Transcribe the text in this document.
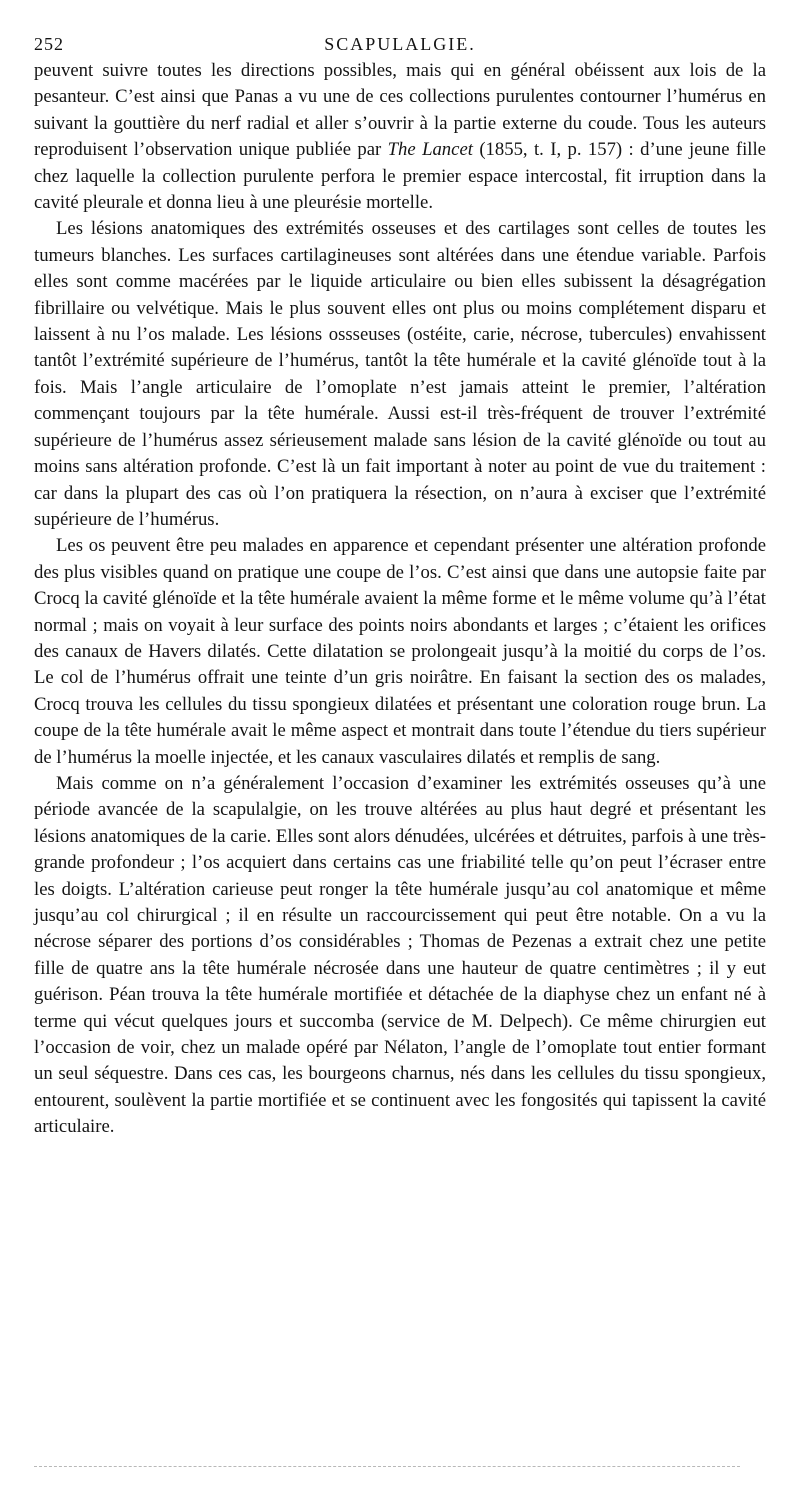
252	SCAPULALGIE.

peuvent suivre toutes les directions possibles, mais qui en général obéissent aux lois de la pesanteur. C’est ainsi que Panas a vu une de ces collections purulentes contourner l’humérus en suivant la gouttière du nerf radial et aller s’ouvrir à la partie externe du coude. Tous les auteurs reproduisent l’observation unique publiée par The Lancet (1855, t. I, p. 157) : d’une jeune fille chez laquelle la collection purulente perfora le premier espace intercostal, fit irruption dans la cavité pleurale et donna lieu à une pleurésie mortelle.

Les lésions anatomiques des extrémités osseuses et des cartilages sont celles de toutes les tumeurs blanches. Les surfaces cartilagineuses sont altérées dans une étendue variable. Parfois elles sont comme macérées par le liquide articulaire ou bien elles subissent la désagrégation fibrillaire ou velvétique. Mais le plus souvent elles ont plus ou moins complétement disparu et laissent à nu l’os malade. Les lésions ossseuses (ostéite, carie, nécrose, tubercules) envahissent tantôt l’extrémité supérieure de l’humérus, tantôt la tête humérale et la cavité glénoïde tout à la fois. Mais l’angle articulaire de l’omoplate n’est jamais atteint le premier, l’altération commençant toujours par la tête humérale. Aussi est-il très-fréquent de trouver l’extrémité supérieure de l’humérus assez sérieusement malade sans lésion de la cavité glénoïde ou tout au moins sans altération profonde. C’est là un fait important à noter au point de vue du traitement : car dans la plupart des cas où l’on pratiquera la résection, on n’aura à exciser que l’extrémité supérieure de l’humérus.

Les os peuvent être peu malades en apparence et cependant présenter une altération profonde des plus visibles quand on pratique une coupe de l’os. C’est ainsi que dans une autopsie faite par Crocq la cavité glénoïde et la tête humérale avaient la même forme et le même volume qu’à l’état normal ; mais on voyait à leur surface des points noirs abondants et larges ; c’étaient les orifices des canaux de Havers dilatés. Cette dilatation se prolongeait jusqu’à la moitié du corps de l’os. Le col de l’humérus offrait une teinte d’un gris noirâtre. En faisant la section des os malades, Crocq trouva les cellules du tissu spongieux dilatées et présentant une coloration rouge brun. La coupe de la tête humérale avait le même aspect et montrait dans toute l’étendue du tiers supérieur de l’humérus la moelle injectée, et les canaux vasculaires dilatés et remplis de sang.

Mais comme on n’a généralement l’occasion d’examiner les extrémités osseuses qu’à une période avancée de la scapulalgie, on les trouve altérées au plus haut degré et présentant les lésions anatomiques de la carie. Elles sont alors dénudées, ulcérées et détruites, parfois à une très-grande profondeur ; l’os acquiert dans certains cas une friabilité telle qu’on peut l’écraser entre les doigts. L’altération carieuse peut ronger la tête humérale jusqu’au col anatomique et même jusqu’au col chirurgical ; il en résulte un raccourcissement qui peut être notable. On a vu la nécrose séparer des portions d’os considérables ; Thomas de Pezenas a extrait chez une petite fille de quatre ans la tête humérale nécrosée dans une hauteur de quatre centimètres ; il y eut guérison. Péan trouva la tête humérale mortifiée et détachée de la diaphyse chez un enfant né à terme qui vécut quelques jours et succomba (service de M. Delpech). Ce même chirurgien eut l’occasion de voir, chez un malade opéré par Nélaton, l’angle de l’omoplate tout entier formant un seul séquestre. Dans ces cas, les bourgeons charnus, nés dans les cellules du tissu spongieux, entourent, soulèvent la partie mortifiée et se continuent avec les fongosités qui tapissent la cavité articulaire.
